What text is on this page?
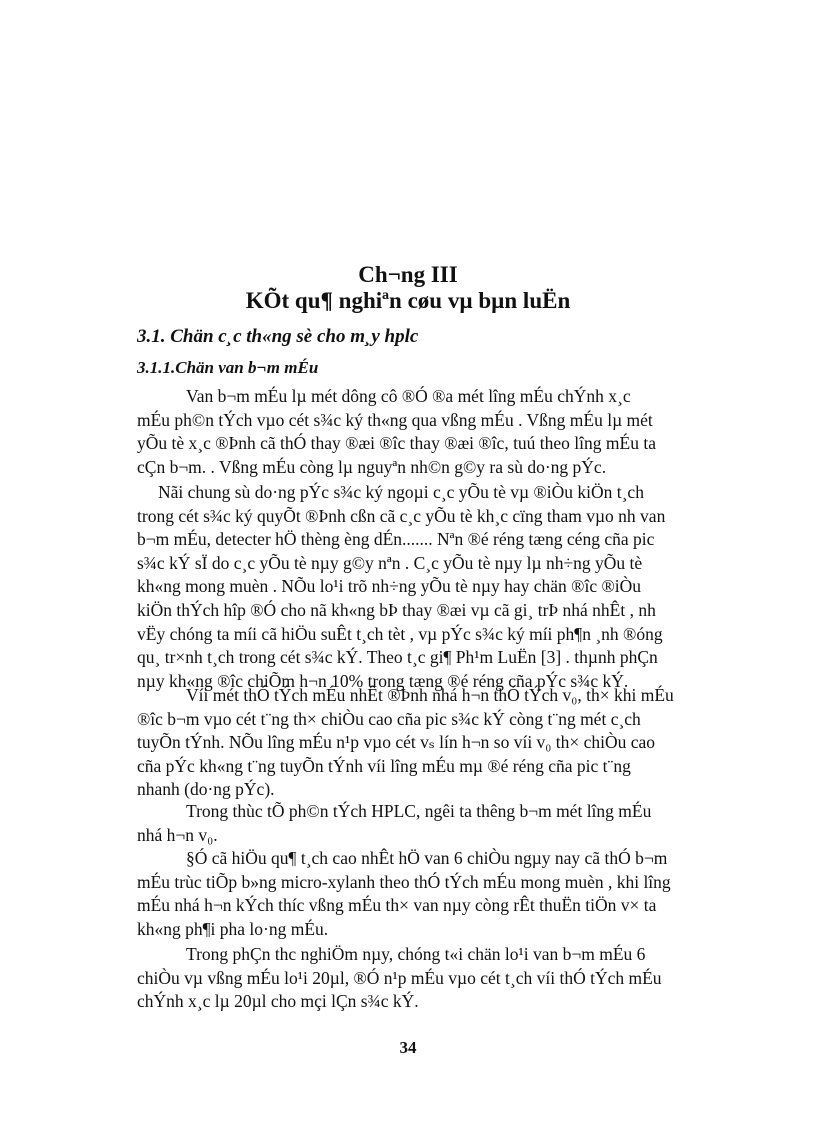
Ch¬ng III
KÕt qu¶ nghiªn cøu vµ bµn luËn
3.1. Chän c¸c th«ng sè cho m¸y hplc
3.1.1.Chän van b¬m mÉu
Van b¬m mÉu lµ mét dông cô ®Ó ®a mét lîng mÉu chÝnh x¸c
mÉu ph©n tÝch vµo cét s¾c ký th«ng qua vßng mÉu . Vßng mÉu lµ mét
yÕu tè x¸c ®Þnh cã thÓ thay ®æi ®îc thay ®æi ®îc, tuú theo lîng mÉu ta
cÇn b¬m. . Vßng mÉu còng lµ nguyªn nh©n g©y ra sù do·ng pÝc.
Nãi chung sù do·ng pÝc s¾c ký ngoµi c¸c yÕu tè vµ ®iÒu kiÖn t¸ch
trong cét s¾c ký quyÕt ®Þnh cßn cã c¸c yÕu tè kh¸c cïng tham vµo nh van
b¬m mÉu, detecter hÖ thèng èng dÉn....... Nªn ®é réng tæng céng cña pic
s¾c kÝ sÏ do c¸c yÕu tè nµy g©y nªn . C¸c yÕu tè nµy lµ nh÷ng yÕu tè
kh«ng mong muèn . NÕu lo¹i trõ nh÷ng yÕu tè nµy hay chän ®îc ®iÒu
kiÖn thÝch hîp ®Ó cho nã kh«ng bÞ thay ®æi vµ cã gi¸ trÞ nhá nhÊt , nh
vËy chóng ta míi cã hiÖu suÊt t¸ch tèt , vµ pÝc s¾c ký míi ph¶n ¸nh ®óng
qu¸ tr×nh t¸ch trong cét s¾c kÝ. Theo t¸c gi¶ Ph¹m LuËn [3] . thµnh phÇn
nµy kh«ng ®îc chiÕm h¬n 10% trong tæng ®é réng cña pÝc s¾c kÝ.
Víi mét thÓ tÝch mÉu nhÊt ®Þnh nhá h¬n thÓ tÝch v₀, th× khi mÉu
®îc b¬m vµo cét t¨ng th× chiÒu cao cña pic s¾c kÝ còng t¨ng mét c¸ch
tuyÕn tÝnh. NÕu lîng mÉu n¹p vµo cét vₛ lín h¬n so víi v₀ th× chiÒu cao
cña pÝc kh«ng t¨ng tuyÕn tÝnh víi lîng mÉu mµ ®é réng cña pic t¨ng
nhanh (do·ng pÝc).
Trong thùc tÕ ph©n tÝch HPLC, ngêi ta thêng b¬m mét lîng mÉu
nhá h¬n v₀.
§Ó cã hiÖu qu¶ t¸ch cao nhÊt hÖ van 6 chiÒu ngµy nay cã thÓ b¬m
mÉu trùc tiÕp b»ng micro-xylanh theo thÓ tÝch mÉu mong muèn , khi lîng
mÉu nhá h¬n kÝch thíc vßng mÉu th× van nµy còng rÊt thuËn tiÖn v× ta
kh«ng ph¶i pha lo·ng mÉu.
Trong phÇn thc nghiÖm nµy, chóng t«i chän lo¹i van b¬m mÉu 6
chiÒu vµ vßng mÉu lo¹i 20µl, ®Ó n¹p mÉu vµo cét t¸ch víi thÓ tÝch mÉu
chÝnh x¸c lµ 20µl cho mçi lÇn s¾c kÝ.
34
